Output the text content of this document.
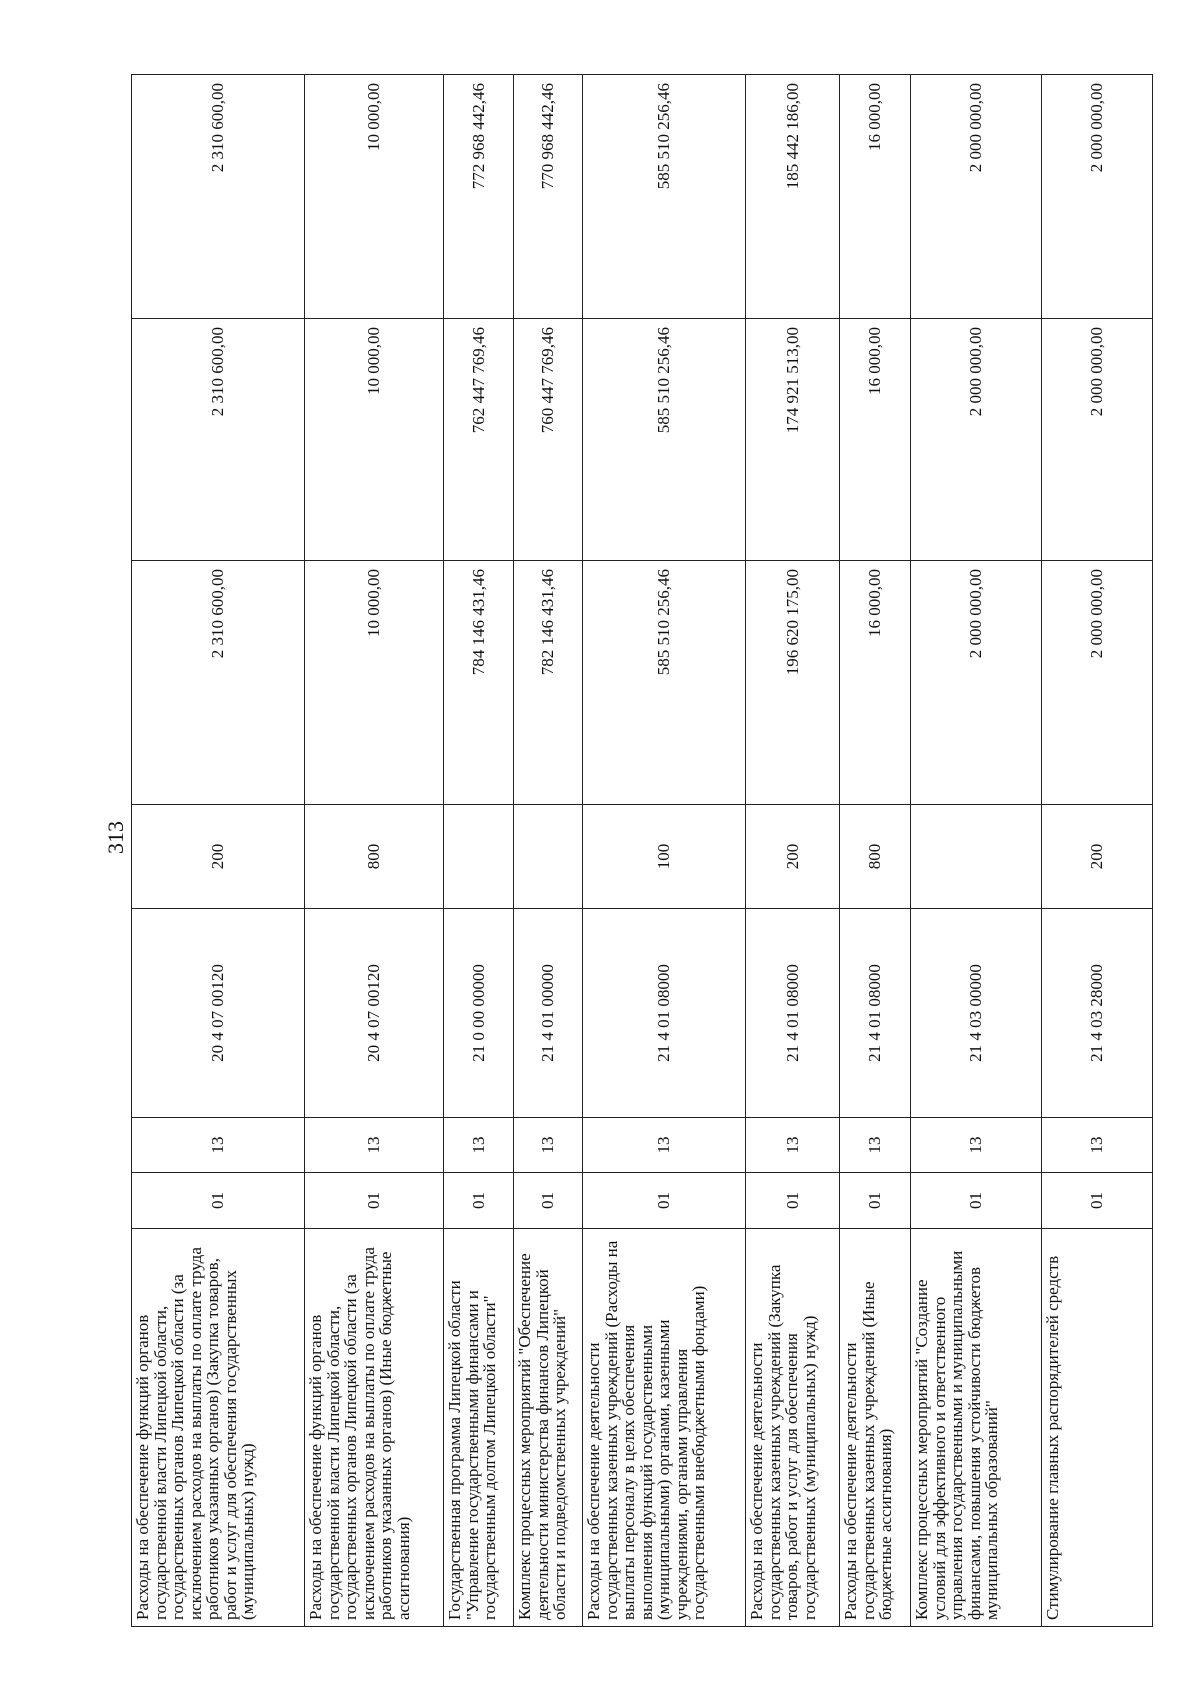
313
Расходы на обеспечение функций органов государственной власти Липецкой области, государственных органов Липецкой области (за исключением расходов на выплаты по оплате труда работников указанных органов) (Закупка товаров, работ и услуг для обеспечения государственных (муниципальных) нужд)	01	13	20 4 07 00120	200	2 310 600,00	2 310 600,00	2 310 600,00
Расходы на обеспечение функций органов государственной власти Липецкой области, государственных органов Липецкой области (за исключением расходов на выплаты по оплате труда работников указанных органов) (Иные бюджетные ассигнования)	01	13	20 4 07 00120	800	10 000,00	10 000,00	10 000,00
Государственная программа Липецкой области "Управление государственными финансами и государственным долгом Липецкой области"	01	13	21 0 00 00000		784 146 431,46	762 447 769,46	772 968 442,46
Комплекс процессных мероприятий "Обеспечение деятельности министерства финансов Липецкой области и подведомственных учреждений"	01	13	21 4 01 00000		782 146 431,46	760 447 769,46	770 968 442,46
Расходы на обеспечение деятельности государственных казенных учреждений (Расходы на выплаты персоналу в целях обеспечения выполнения функций государственными (муниципальными) органами, казенными учреждениями, органами управления государственными внебюджетными фондами)	01	13	21 4 01 08000	100	585 510 256,46	585 510 256,46	585 510 256,46
Расходы на обеспечение деятельности государственных казенных учреждений (Закупка товаров, работ и услуг для обеспечения государственных (муниципальных) нужд)	01	13	21 4 01 08000	200	196 620 175,00	174 921 513,00	185 442 186,00
Расходы на обеспечение деятельности государственных казенных учреждений (Иные бюджетные ассигнования)	01	13	21 4 01 08000	800	16 000,00	16 000,00	16 000,00
Комплекс процессных мероприятий "Создание условий для эффективного и ответственного управления государственными и муниципальными финансами, повышения устойчивости бюджетов муниципальных образований"	01	13	21 4 03 00000		2 000 000,00	2 000 000,00	2 000 000,00
Стимулирование главных распорядителей средств	01	13	21 4 03 28000	200	2 000 000,00	2 000 000,00	2 000 000,00
